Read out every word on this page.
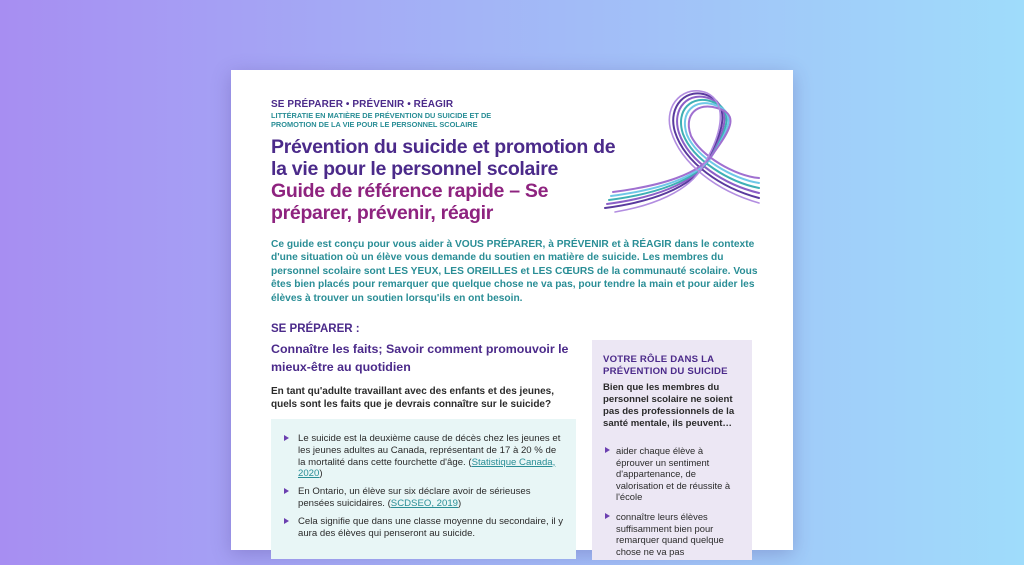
SE PRÉPARER • PRÉVENIR • RÉAGIR
LITTÉRATIE EN MATIÈRE DE PRÉVENTION DU SUICIDE ET DE PROMOTION DE LA VIE POUR LE PERSONNEL SCOLAIRE
Prévention du suicide et promotion de la vie pour le personnel scolaire
Guide de référence rapide – Se préparer, prévenir, réagir
Ce guide est conçu pour vous aider à VOUS PRÉPARER, à PRÉVENIR et à RÉAGIR dans le contexte d'une situation où un élève vous demande du soutien en matière de suicide. Les membres du personnel scolaire sont LES YEUX, LES OREILLES et LES CŒURS de la communauté scolaire. Vous êtes bien placés pour remarquer que quelque chose ne va pas, pour tendre la main et pour aider les élèves à trouver un soutien lorsqu'ils en ont besoin.
SE PRÉPARER :
Connaître les faits; Savoir comment promouvoir le mieux-être au quotidien
En tant qu'adulte travaillant avec des enfants et des jeunes, quels sont les faits que je devrais connaître sur le suicide?
Le suicide est la deuxième cause de décès chez les jeunes et les jeunes adultes au Canada, représentant de 17 à 20 % de la mortalité dans cette fourchette d'âge. (Statistique Canada, 2020)
En Ontario, un élève sur six déclare avoir de sérieuses pensées suicidaires. (SCDSEO, 2019)
Cela signifie que dans une classe moyenne du secondaire, il y aura des élèves qui penseront au suicide.
VOTRE RÔLE DANS LA PRÉVENTION DU SUICIDE
Bien que les membres du personnel scolaire ne soient pas des professionnels de la santé mentale, ils peuvent…
aider chaque élève à éprouver un sentiment d'appartenance, de valorisation et de réussite à l'école
connaître leurs élèves suffisamment bien pour remarquer quand quelque chose ne va pas
